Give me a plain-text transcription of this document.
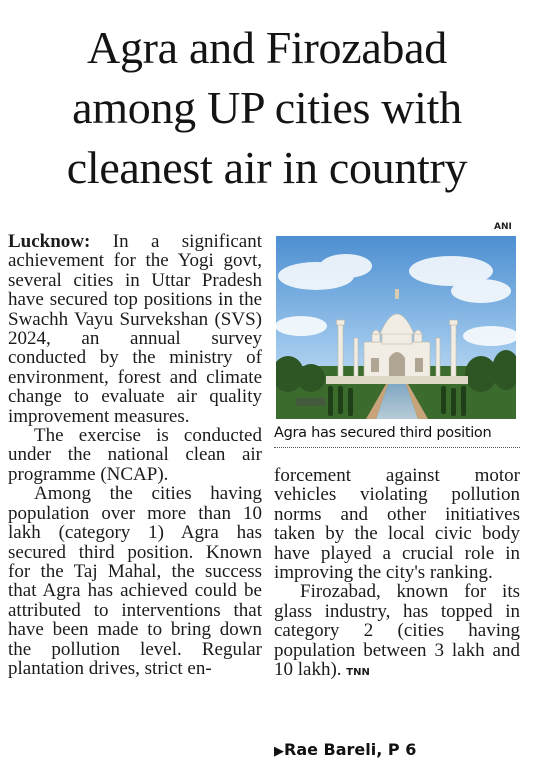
Agra and Firozabad
among UP cities with
cleanest air in country

Lucknow: In a significant achievement for the Yogi govt, several cities in Uttar Pradesh have secured top positions in the Swachh Vayu Survekshan (SVS) 2024, an annual survey conducted by the ministry of environment, forest and climate change to evaluate air quality improvement measures.

The exercise is conducted under the national clean air programme (NCAP).

Among the cities having population over more than 10 lakh (category 1) Agra has secured third position. Known for the Taj Mahal, the success that Agra has achieved could be attributed to interventions that have been made to bring down the pollution level. Regular plantation drives, strict en-

ANI
Agra has secured third position

forcement against motor vehicles violating pollution norms and other initiatives taken by the local civic body have played a crucial role in improving the city's ranking.

Firozabad, known for its glass industry, has topped in category 2 (cities having population between 3 lakh and 10 lakh). TNN

▶Rae Bareli, P 6
